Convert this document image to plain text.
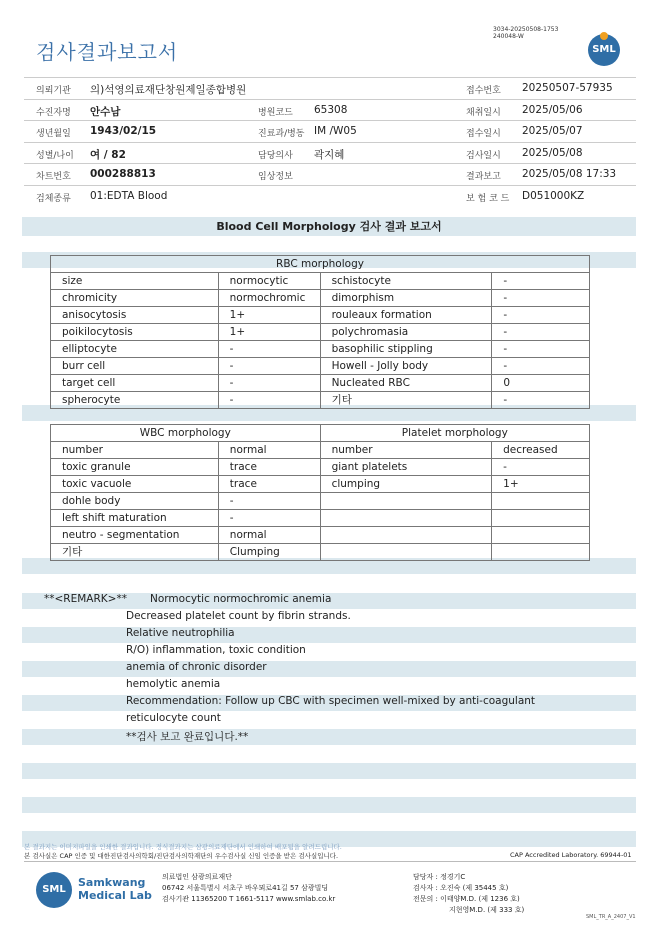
검사결과보고서
3034-20250508-1753
240048-W
SML
의뢰기관 의)석영의료재단창원제일종합병원	접수번호 20250507-57935
수진자명 안수남	병원코드 65308	채취일시 2025/05/06
생년월일 1943/02/15	진료과/병동 IM /W05	접수일시 2025/05/07
성별/나이 여 / 82	담당의사 곽지혜	검사일시 2025/05/08
차트번호 000288813	임상정보	결과보고 2025/05/08 17:33
검체종류 01:EDTA Blood	보 험 코 드 D051000KZ
Blood Cell Morphology 검사 결과 보고서
RBC morphology			
size	normocytic	schistocyte	-
chromicity	normochromic	dimorphism	-
anisocytosis	1+	rouleaux formation	-
poikilocytosis	1+	polychromasia	-
elliptocyte	-	basophilic stippling	-
burr cell	-	Howell - Jolly body	-
target cell	-	Nucleated RBC	0
spherocyte	-	기타	-
WBC morphology		Platelet morphology	
number	normal	number	decreased
toxic granule	trace	giant platelets	-
toxic vacuole	trace	clumping	1+
dohle body	-		
left shift maturation	-		
neutro - segmentation	normal		
기타	Clumping		
**<REMARK>** Normocytic normochromic anemia
Decreased platelet count by fibrin strands.
Relative neutrophilia
R/O) inflammation, toxic condition
anemia of chronic disorder
hemolytic anemia
Recommendation: Follow up CBC with specimen well-mixed by anti-coagulant
reticulocyte count
**검사 보고 완료입니다.**
본 결과지는 이미지파일을 인쇄한 결과입니다. 정식결과지는 삼광의료재단에서 인쇄하여 배포됨을 알려드립니다.
본 검사실은 CAP 인증 및 대한진단검사의학회/진단검사의학재단의 우수검사실 신임 인증을 받은 검사실입니다.	CAP Accredited Laboratory. 69944-01
SML
Samkwang
Medical Lab
의료법인 삼광의료재단
06742 서울특별시 서초구 바우뫼로41길 57 삼광빌딩
검사기관 11365200 T 1661-5117 www.smlab.co.kr
담당자 : 정경기C
검사자 : 오진숙 (제 35445 호)
전문의 : 이태양M.D. (제 1236 호)
지현영M.D. (제 333 호)
SML_TR_A_2407_V1
